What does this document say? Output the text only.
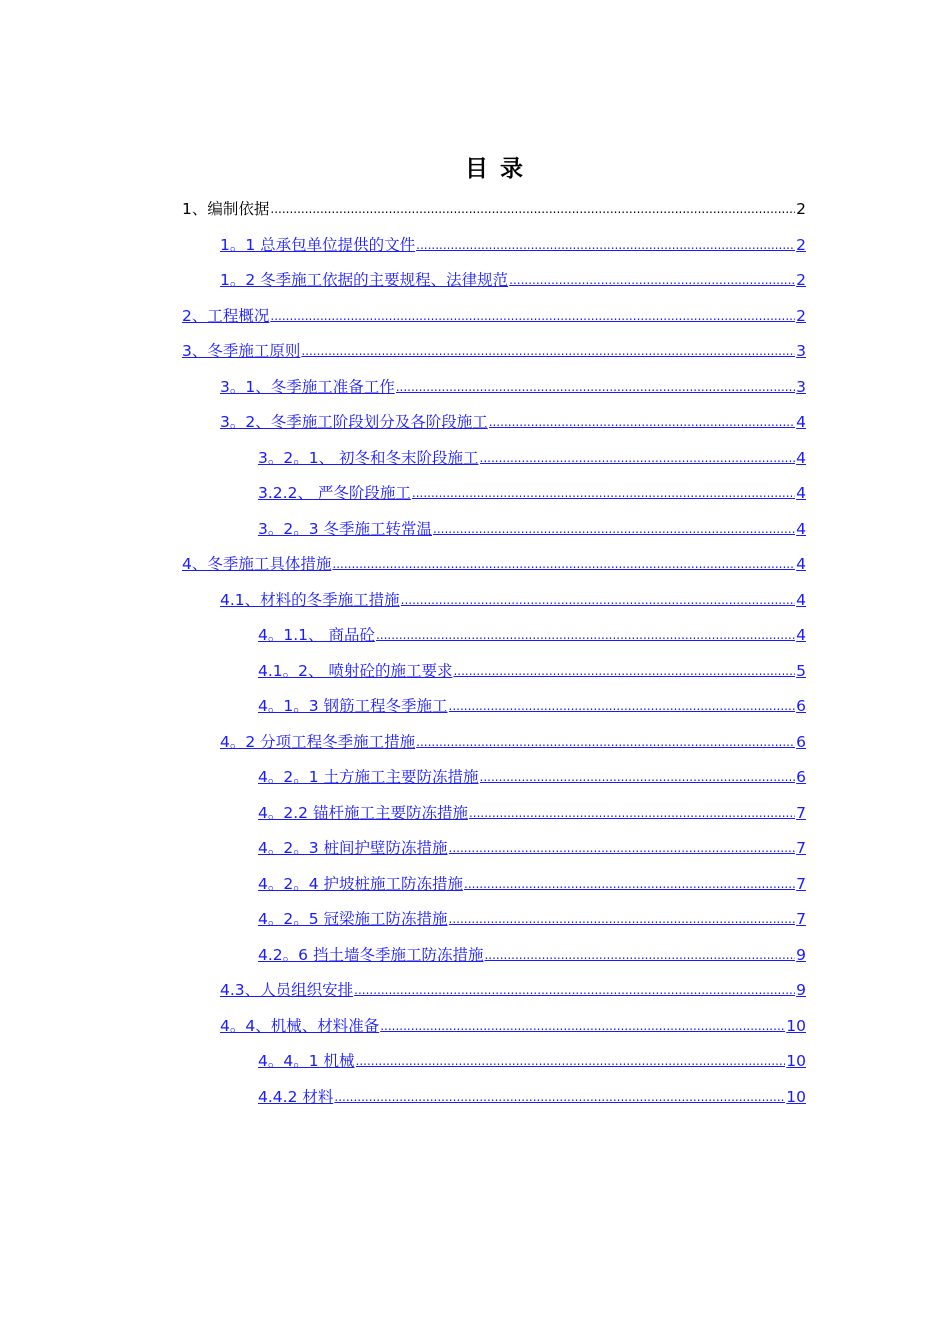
目 录
1、编制依据 .....	2
1。1 总承包单位提供的文件 .....	2
1。2 冬季施工依据的主要规程、法律规范 .....	2
2、工程概况 .....	2
3、冬季施工原则 .....	3
3。1、冬季施工准备工作 .....	3
3。2、冬季施工阶段划分及各阶段施工 .....	4
3。2。1、 初冬和冬末阶段施工 .....	4
3.2.2、 严冬阶段施工 .....	4
3。2。3 冬季施工转常温 .....	4
4、冬季施工具体措施 .....	4
4.1、材料的冬季施工措施 .....	4
4。1.1、 商品砼 .....	4
4.1。2、 喷射砼的施工要求 .....	5
4。1。3 钢筋工程冬季施工 .....	6
4。2 分项工程冬季施工措施 .....	6
4。2。1 土方施工主要防冻措施 .....	6
4。2.2 锚杆施工主要防冻措施 .....	7
4。2。3 桩间护壁防冻措施 .....	7
4。2。4 护坡桩施工防冻措施 .....	7
4。2。5 冠梁施工防冻措施 .....	7
4.2。6 挡土墙冬季施工防冻措施 .....	9
4.3、人员组织安排 .....	9
4。4、机械、材料准备 .....	10
4。4。1 机械 .....	10
4.4.2 材料 .....	10
